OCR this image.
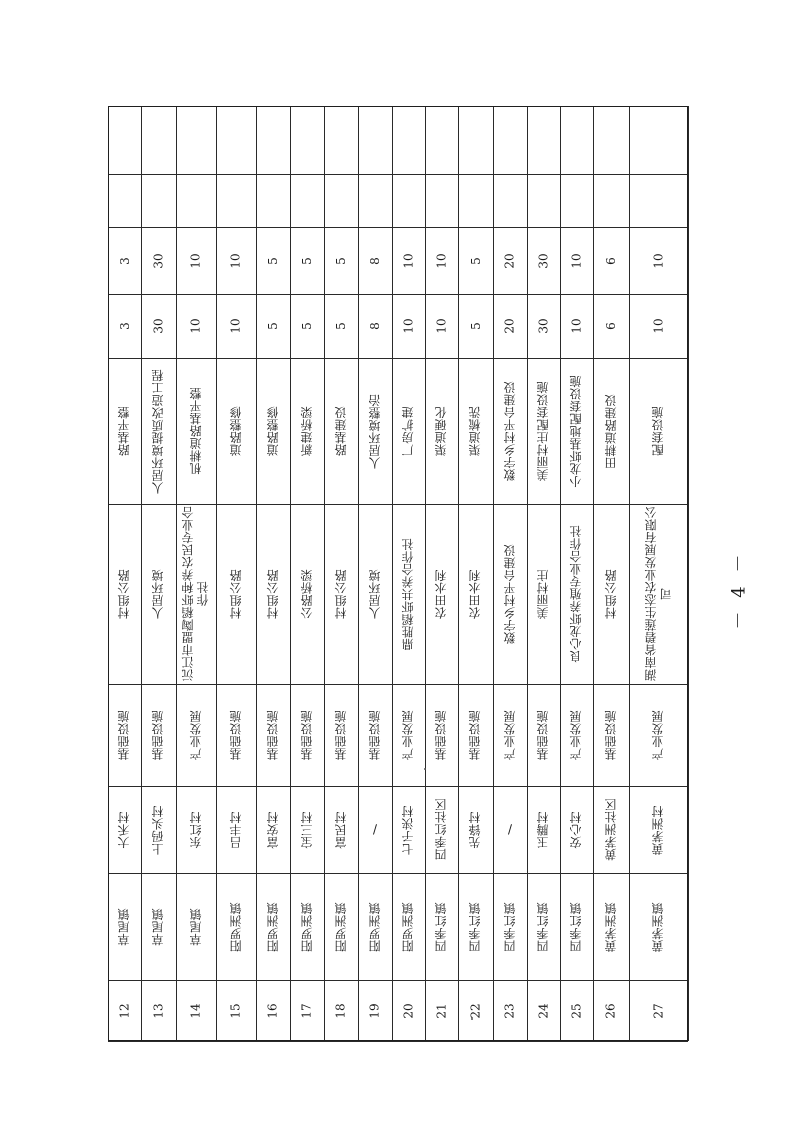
12
草尾镇
大禾村
基础设施
村组公路
路基平整
3
3
13
草尾镇
上码头村
基础设施
人居环境
人居环境提质改造工程
30
30
14
草尾镇
东红村
产业发展
沅江市盟陶稻虾种养农民专业合作社
机耕道路基平整
10
10
15
阳罗洲镇
吕丰村
基础设施
村组公路
道路整修
10
10
16
阳罗洲镇
富安村
基础设施
村组公路
道路整修
5
5
17
阳罗洲镇
宝三村
基础设施
公路桥梁
新建桥梁
5
5
18
阳罗洲镇
富民村
基础设施
村组公路
路基建设
5
5
19
阳罗洲镇
/
基础设施
人居环境
人居环境整治
8
8
20
阳罗洲镇
七子浃村
产业发展
鼎胜稻虾共养合作社
厂房扩建
10
10
21
四季红镇
四季红社区
基础设施
农田水利
渠道硬化
10
10
22
四季红镇
先锋村
基础设施
农田水利
渠道梳洗
5
5
23
四季红镇
/
产业发展
数字乡村平台建设
数字乡村平台建设
20
20
24
四季红镇
玉腾村
基础设施
美丽村庄
美丽村庄配套设施
30
30
25
四季红镇
安心村
产业发展
良心龙虾养殖专业合作社
小龙虾基地配套设施
10
10
26
黄茅洲镇
黄茅洲社区
基础设施
村组公路
田耕道路建设
6
6
27
黄茅洲镇
黄茅洲村
产业发展
湖南省碧莲生态农业发展有限公司
配套设施
10
10
－ 4 －
